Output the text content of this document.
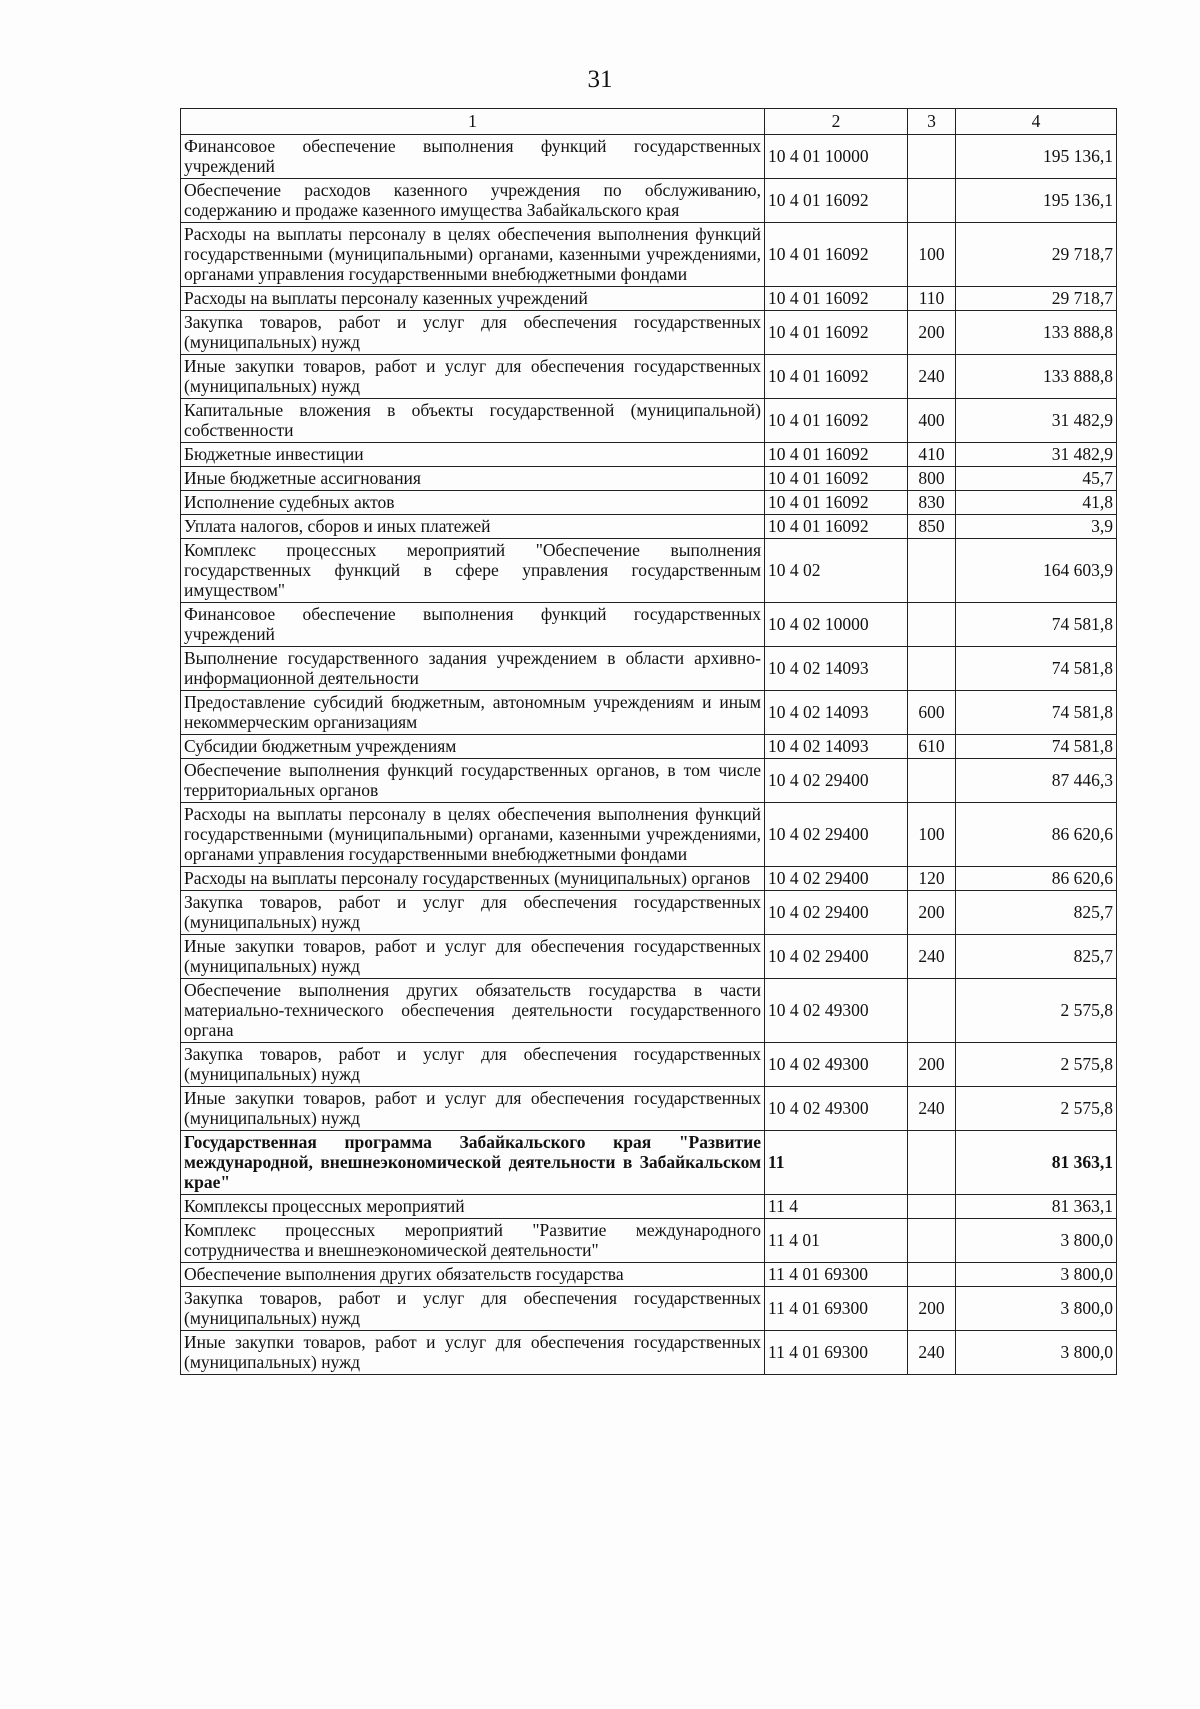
31
1	2	3	4
Финансовое обеспечение выполнения функций государственных учреждений	10 4 01 10000		195 136,1
Обеспечение расходов казенного учреждения по обслуживанию, содержанию и продаже казенного имущества Забайкальского края	10 4 01 16092		195 136,1
Расходы на выплаты персоналу в целях обеспечения выполнения функций государственными (муниципальными) органами, казенными учреждениями, органами управления государственными внебюджетными фондами	10 4 01 16092	100	29 718,7
Расходы на выплаты персоналу казенных учреждений	10 4 01 16092	110	29 718,7
Закупка товаров, работ и услуг для обеспечения государственных (муниципальных) нужд	10 4 01 16092	200	133 888,8
Иные закупки товаров, работ и услуг для обеспечения государственных (муниципальных) нужд	10 4 01 16092	240	133 888,8
Капитальные вложения в объекты государственной (муниципальной) собственности	10 4 01 16092	400	31 482,9
Бюджетные инвестиции	10 4 01 16092	410	31 482,9
Иные бюджетные ассигнования	10 4 01 16092	800	45,7
Исполнение судебных актов	10 4 01 16092	830	41,8
Уплата налогов, сборов и иных платежей	10 4 01 16092	850	3,9
Комплекс процессных мероприятий "Обеспечение выполнения государственных функций в сфере управления государственным имуществом"	10 4 02		164 603,9
Финансовое обеспечение выполнения функций государственных учреждений	10 4 02 10000		74 581,8
Выполнение государственного задания учреждением в области архивно-информационной деятельности	10 4 02 14093		74 581,8
Предоставление субсидий бюджетным, автономным учреждениям и иным некоммерческим организациям	10 4 02 14093	600	74 581,8
Субсидии бюджетным учреждениям	10 4 02 14093	610	74 581,8
Обеспечение выполнения функций государственных органов, в том числе территориальных органов	10 4 02 29400		87 446,3
Расходы на выплаты персоналу в целях обеспечения выполнения функций государственными (муниципальными) органами, казенными учреждениями, органами управления государственными внебюджетными фондами	10 4 02 29400	100	86 620,6
Расходы на выплаты персоналу государственных (муниципальных) органов	10 4 02 29400	120	86 620,6
Закупка товаров, работ и услуг для обеспечения государственных (муниципальных) нужд	10 4 02 29400	200	825,7
Иные закупки товаров, работ и услуг для обеспечения государственных (муниципальных) нужд	10 4 02 29400	240	825,7
Обеспечение выполнения других обязательств государства в части материально-технического обеспечения деятельности государственного органа	10 4 02 49300		2 575,8
Закупка товаров, работ и услуг для обеспечения государственных (муниципальных) нужд	10 4 02 49300	200	2 575,8
Иные закупки товаров, работ и услуг для обеспечения государственных (муниципальных) нужд	10 4 02 49300	240	2 575,8
Государственная программа Забайкальского края "Развитие международной, внешнеэкономической деятельности в Забайкальском крае"	11		81 363,1
Комплексы процессных мероприятий	11 4		81 363,1
Комплекс процессных мероприятий "Развитие международного сотрудничества и внешнеэкономической деятельности"	11 4 01		3 800,0
Обеспечение выполнения других обязательств государства	11 4 01 69300		3 800,0
Закупка товаров, работ и услуг для обеспечения государственных (муниципальных) нужд	11 4 01 69300	200	3 800,0
Иные закупки товаров, работ и услуг для обеспечения государственных (муниципальных) нужд	11 4 01 69300	240	3 800,0
